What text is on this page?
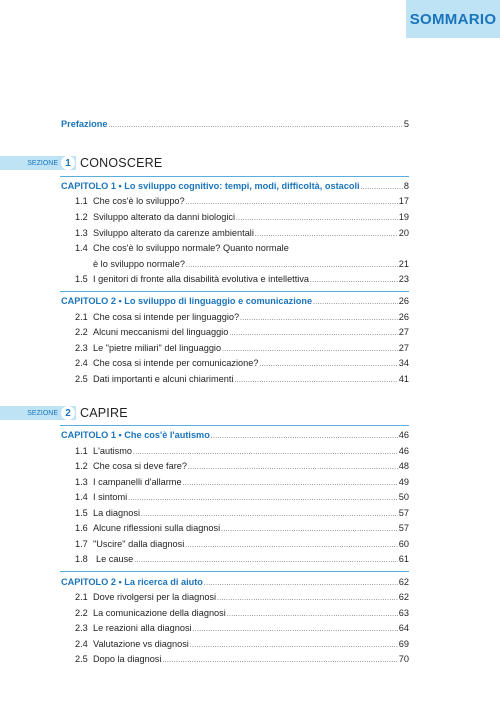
SOMMARIO
Prefazione .....	5
SEZIONE 1 CONOSCERE
CAPITOLO 1 • Lo sviluppo cognitivo: tempi, modi, difficoltà, ostacoli .....	8
1.1 Che cos'è lo sviluppo? .....	17
1.2 Sviluppo alterato da danni biologici .....	19
1.3 Sviluppo alterato da carenze ambientali .....	20
1.4 Che cos'è lo sviluppo normale? Quanto normale
è lo sviluppo normale? .....	21
1.5 I genitori di fronte alla disabilità evolutiva e intellettiva .....	23
CAPITOLO 2 • Lo sviluppo di linguaggio e comunicazione .....	26
2.1 Che cosa si intende per linguaggio? .....	26
2.2 Alcuni meccanismi del linguaggio .....	27
2.3 Le "pietre miliari" del linguaggio .....	27
2.4 Che cosa si intende per comunicazione? .....	34
2.5 Dati importanti e alcuni chiarimenti .....	41
SEZIONE 2 CAPIRE
CAPITOLO 1 • Che cos'è l'autismo .....	46
1.1 L'autismo .....	46
1.2 Che cosa si deve fare? .....	48
1.3 I campanelli d'allarme .....	49
1.4 I sintomi .....	50
1.5 La diagnosi .....	57
1.6 Alcune riflessioni sulla diagnosi .....	57
1.7 "Uscire" dalla diagnosi .....	60
1.8 Le cause .....	61
CAPITOLO 2 • La ricerca di aiuto .....	62
2.1 Dove rivolgersi per la diagnosi .....	62
2.2 La comunicazione della diagnosi .....	63
2.3 Le reazioni alla diagnosi .....	64
2.4 Valutazione vs diagnosi .....	69
2.5 Dopo la diagnosi .....	70
